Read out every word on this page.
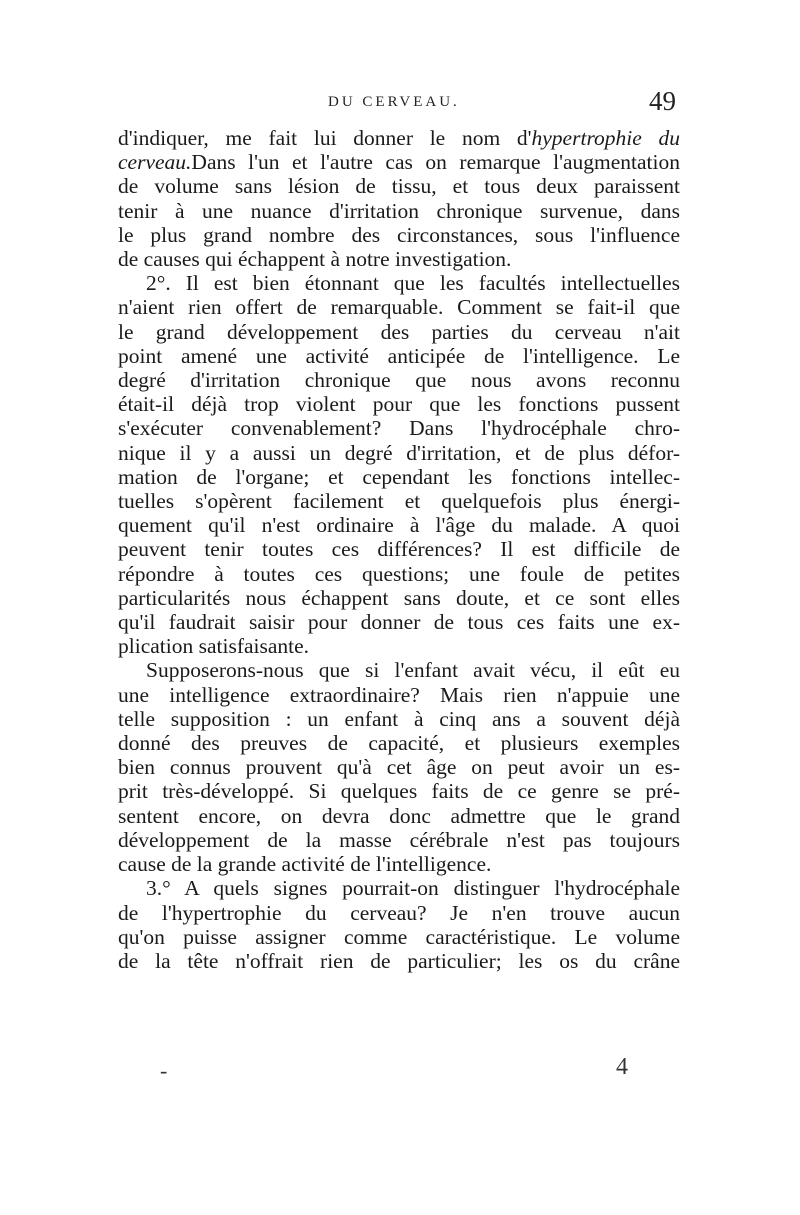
DU CERVEAU.	49

d'indiquer, me fait lui donner le nom d'hypertrophie du
cerveau.Dans l'un et l'autre cas on remarque l'augmentation
de volume sans lésion de tissu, et tous deux paraissent
tenir à une nuance d'irritation chronique survenue, dans
le plus grand nombre des circonstances, sous l'influence
de causes qui échappent à notre investigation.

2°. Il est bien étonnant que les facultés intellectuelles
n'aient rien offert de remarquable. Comment se fait-il que
le grand développement des parties du cerveau n'ait
point amené une activité anticipée de l'intelligence. Le
degré d'irritation chronique que nous avons reconnu
était-il déjà trop violent pour que les fonctions pussent
s'exécuter convenablement? Dans l'hydrocéphale chro-
nique il y a aussi un degré d'irritation, et de plus défor-
mation de l'organe; et cependant les fonctions intellec-
tuelles s'opèrent facilement et quelquefois plus énergi-
quement qu'il n'est ordinaire à l'âge du malade. A quoi
peuvent tenir toutes ces différences? Il est difficile de
répondre à toutes ces questions; une foule de petites
particularités nous échappent sans doute, et ce sont elles
qu'il faudrait saisir pour donner de tous ces faits une ex-
plication satisfaisante.

Supposerons-nous que si l'enfant avait vécu, il eût eu
une intelligence extraordinaire? Mais rien n'appuie une
telle supposition : un enfant à cinq ans a souvent déjà
donné des preuves de capacité, et plusieurs exemples
bien connus prouvent qu'à cet âge on peut avoir un es-
prit très-développé. Si quelques faits de ce genre se pré-
sentent encore, on devra donc admettre que le grand
développement de la masse cérébrale n'est pas toujours
cause de la grande activité de l'intelligence.

3.° A quels signes pourrait-on distinguer l'hydrocéphale
de l'hypertrophie du cerveau? Je n'en trouve aucun
qu'on puisse assigner comme caractéristique. Le volume
de la tête n'offrait rien de particulier; les os du crâne

-	4
